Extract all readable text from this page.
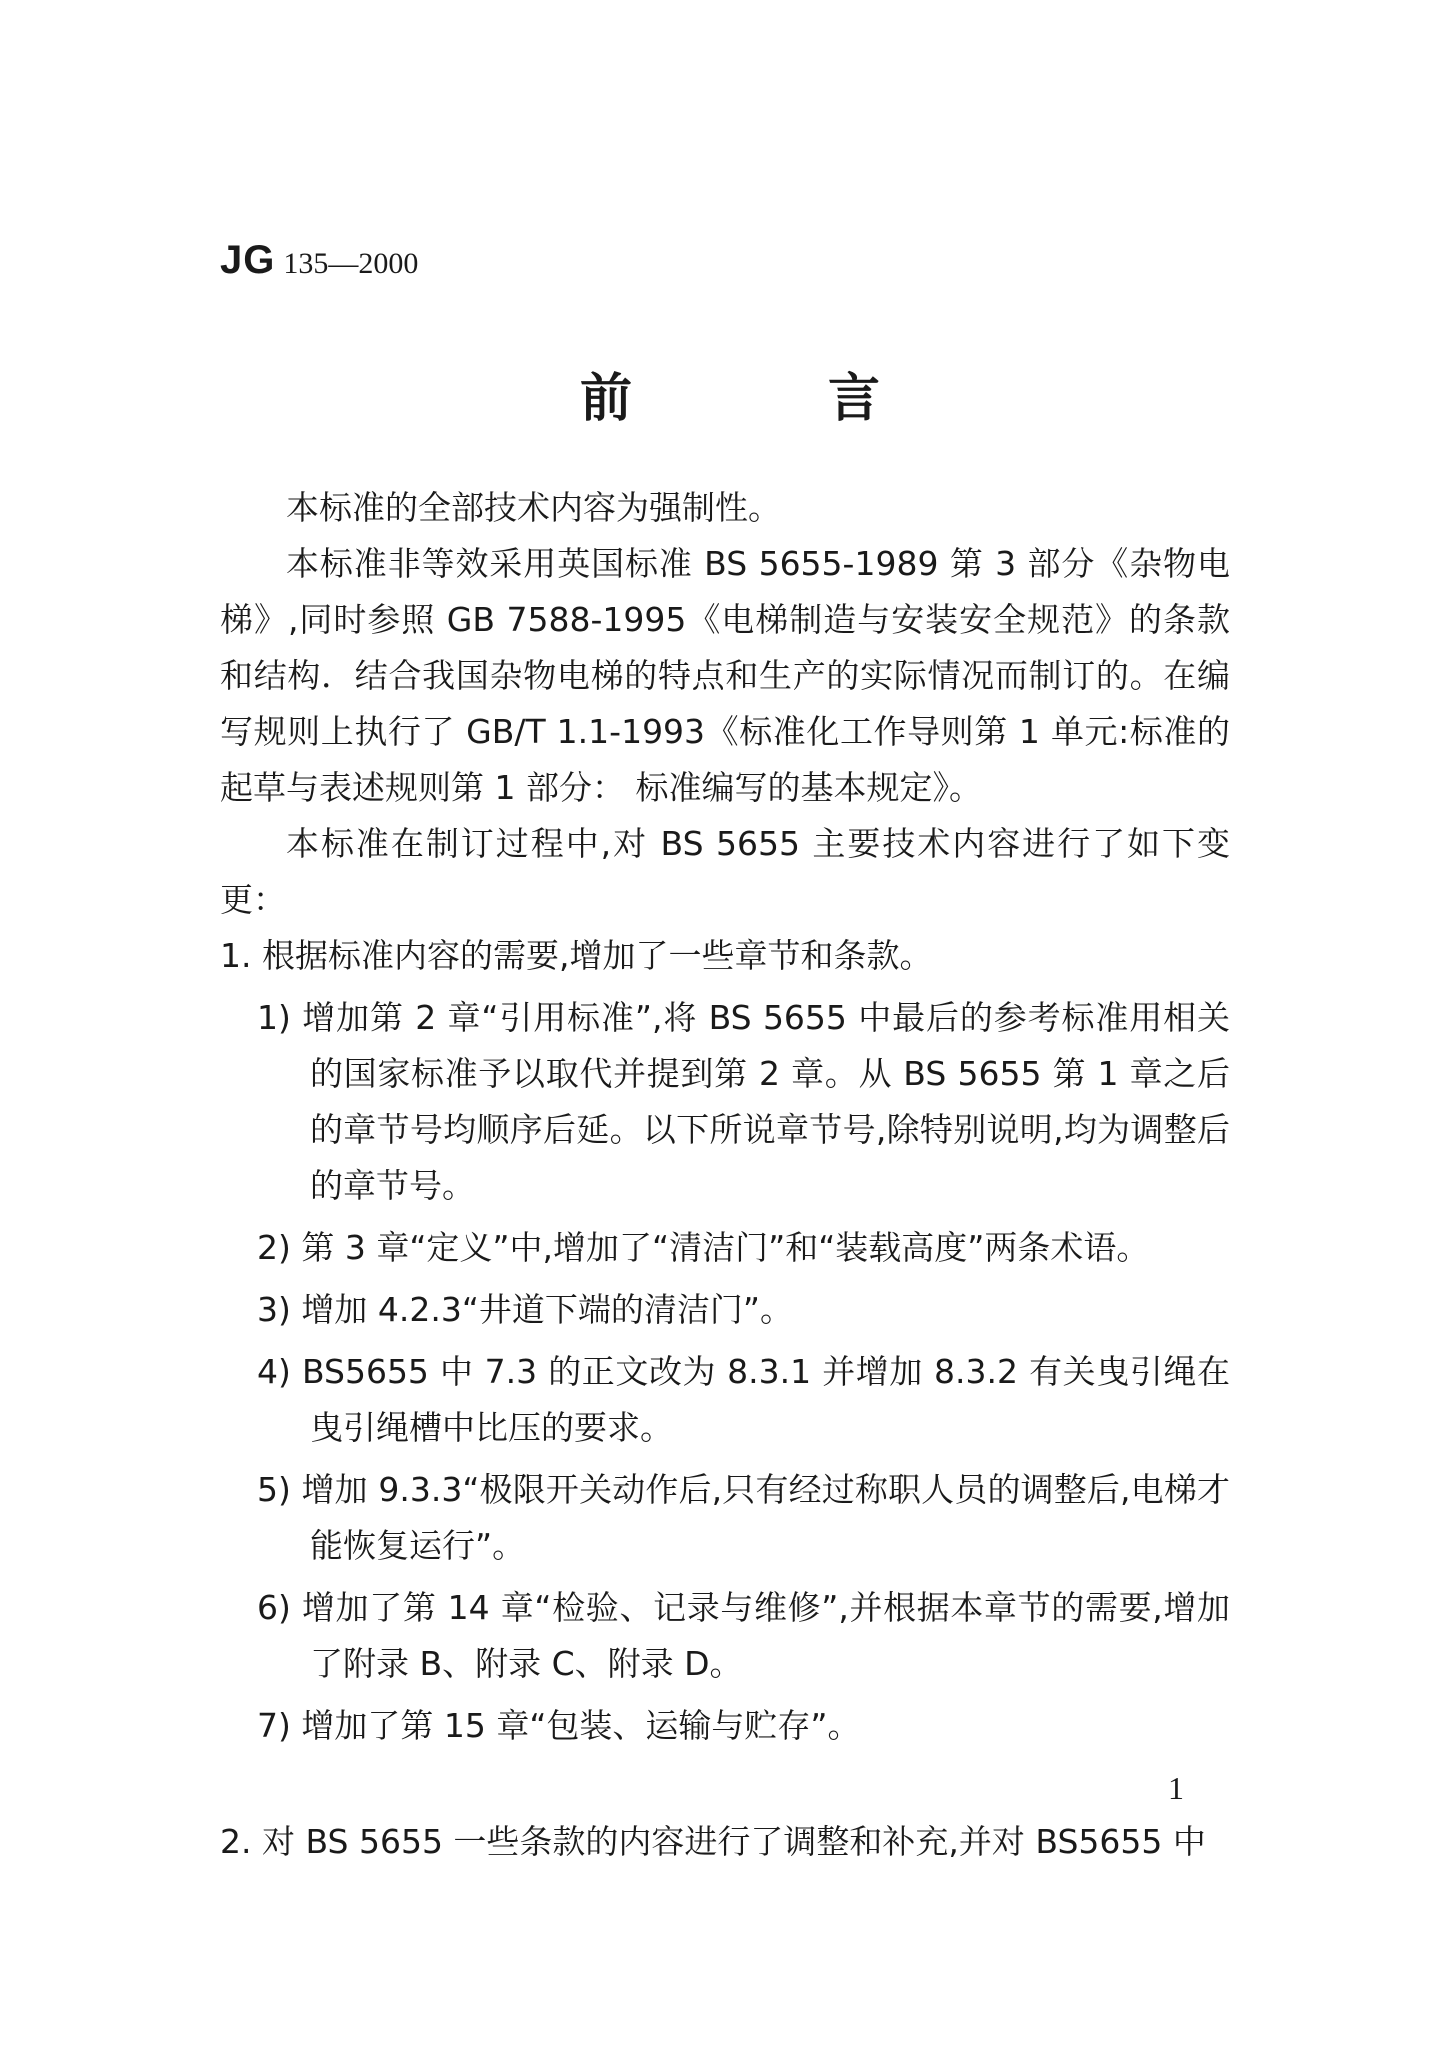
JG 135—2000
前	言

本标准的全部技术内容为强制性。

本标准非等效采用英国标准 BS 5655-1989 第 3 部分《杂物电梯》,同时参照 GB 7588-1995《电梯制造与安装安全规范》的条款和结构．结合我国杂物电梯的特点和生产的实际情况而制订的。在编写规则上执行了 GB/T 1.1-1993《标准化工作导则第 1 单元:标准的起草与表述规则第 1 部分： 标准编写的基本规定》。

本标准在制订过程中,对 BS 5655 主要技术内容进行了如下变更：

1. 根据标准内容的需要,增加了一些章节和条款。

1) 增加第 2 章“引用标准”,将 BS 5655 中最后的参考标准用相关的国家标准予以取代并提到第 2 章。从 BS 5655 第 1 章之后的章节号均顺序后延。以下所说章节号,除特别说明,均为调整后的章节号。

2) 第 3 章“定义”中,增加了“清洁门”和“装载高度”两条术语。

3) 增加 4.2.3“井道下端的清洁门”。

4) BS5655 中 7.3 的正文改为 8.3.1 并增加 8.3.2 有关曳引绳在曳引绳槽中比压的要求。

5) 增加 9.3.3“极限开关动作后,只有经过称职人员的调整后,电梯才能恢复运行”。

6) 增加了第 14 章“检验、记录与维修”,并根据本章节的需要,增加了附录 B、附录 C、附录 D。

7) 增加了第 15 章“包装、运输与贮存”。

2. 对 BS 5655 一些条款的内容进行了调整和补充,并对 BS5655 中

1
